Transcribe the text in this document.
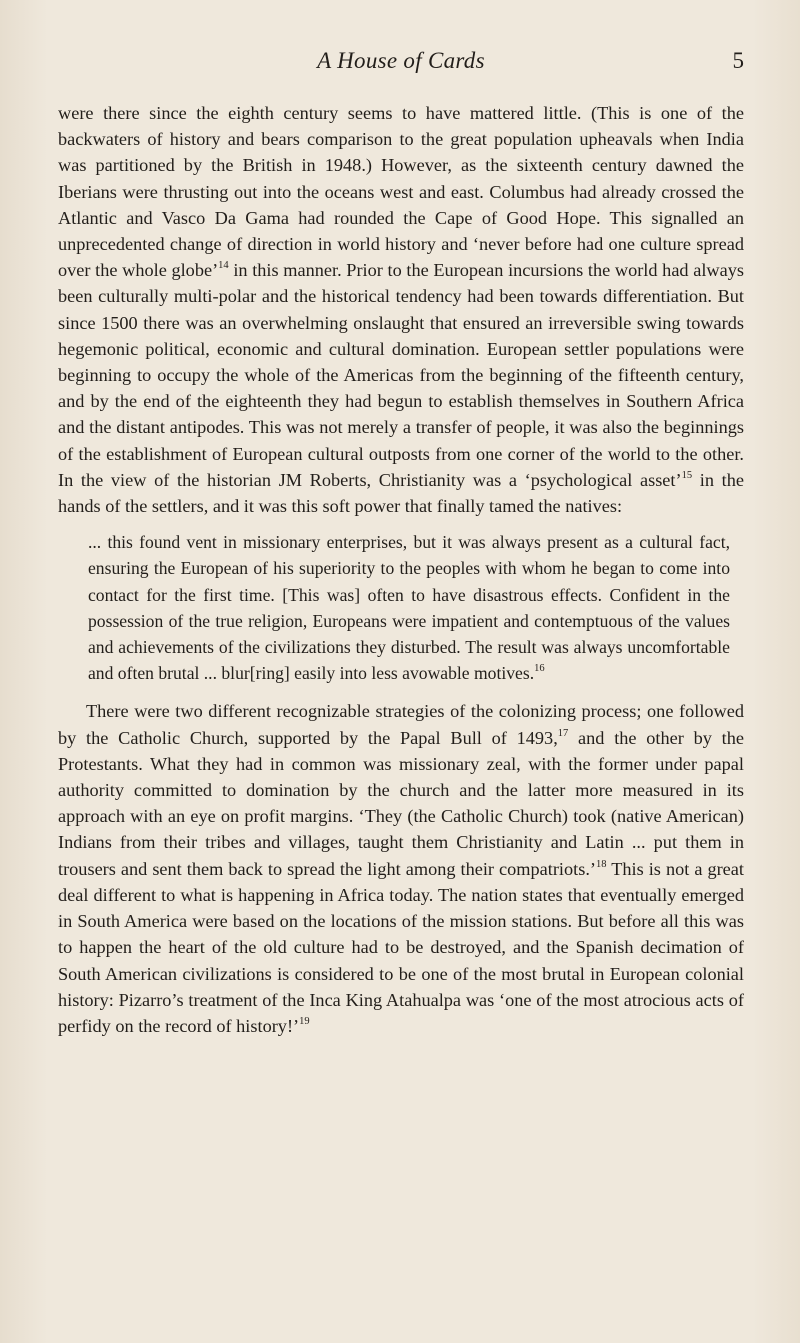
A House of Cards	5

were there since the eighth century seems to have mattered little. (This is one of the backwaters of history and bears comparison to the great population upheavals when India was partitioned by the British in 1948.) However, as the sixteenth century dawned the Iberians were thrusting out into the oceans west and east. Columbus had already crossed the Atlantic and Vasco Da Gama had rounded the Cape of Good Hope. This signalled an unprecedented change of direction in world history and ‘never before had one culture spread over the whole globe’$^{14}$ in this manner. Prior to the European incursions the world had always been culturally multi-polar and the historical tendency had been towards differentiation. But since 1500 there was an overwhelming onslaught that ensured an irreversible swing towards hegemonic political, economic and cultural domination. European settler populations were beginning to occupy the whole of the Americas from the beginning of the fifteenth century, and by the end of the eighteenth they had begun to establish themselves in Southern Africa and the distant antipodes. This was not merely a transfer of people, it was also the beginnings of the establishment of European cultural outposts from one corner of the world to the other. In the view of the historian JM Roberts, Christianity was a ‘psychological asset’$^{15}$ in the hands of the settlers, and it was this soft power that finally tamed the natives:

... this found vent in missionary enterprises, but it was always present as a cultural fact, ensuring the European of his superiority to the peoples with whom he began to come into contact for the first time. [This was] often to have disastrous effects. Confident in the possession of the true religion, Europeans were impatient and contemptuous of the values and achievements of the civilizations they disturbed. The result was always uncomfortable and often brutal ... blur[ring] easily into less avowable motives.$^{16}$

There were two different recognizable strategies of the colonizing process; one followed by the Catholic Church, supported by the Papal Bull of 1493,17 and the other by the Protestants. What they had in common was missionary zeal, with the former under papal authority committed to domination by the church and the latter more measured in its approach with an eye on profit margins. ‘They (the Catholic Church) took (native American) Indians from their tribes and villages, taught them Christianity and Latin ... put them in trousers and sent them back to spread the light among their compatriots.’$^{18}$ This is not a great deal different to what is happening in Africa today. The nation states that eventually emerged in South America were based on the locations of the mission stations. But before all this was to happen the heart of the old culture had to be destroyed, and the Spanish decimation of South American civilizations is considered to be one of the most brutal in European colonial history: Pizarro’s treatment of the Inca King Atahualpa was ‘one of the most atrocious acts of perfidy on the record of history!’$^{19}$
